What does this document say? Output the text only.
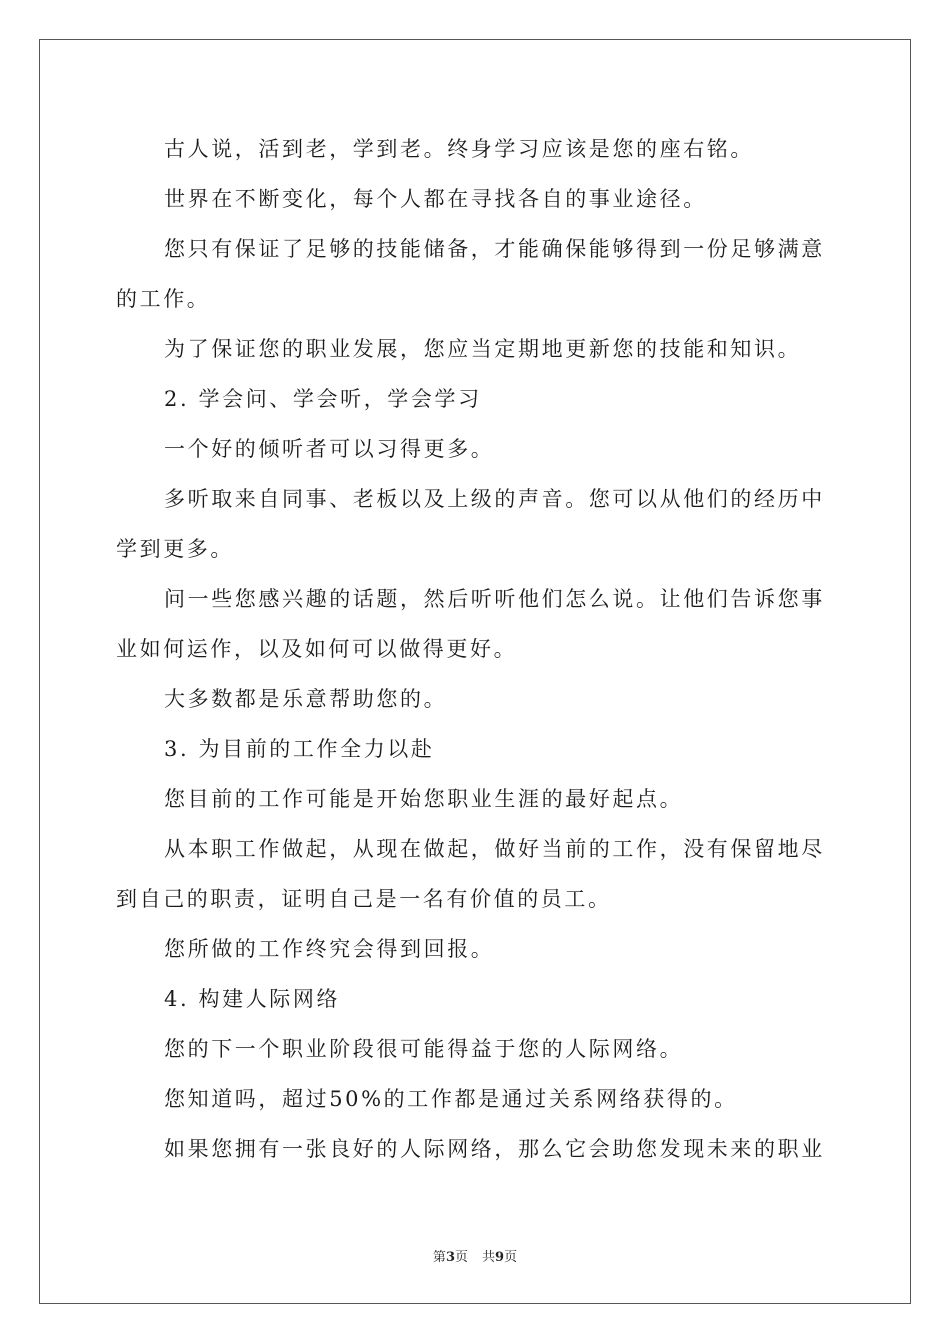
古人说，活到老，学到老。终身学习应该是您的座右铭。

世界在不断变化，每个人都在寻找各自的事业途径。

您只有保证了足够的技能储备，才能确保能够得到一份足够满意的工作。

为了保证您的职业发展，您应当定期地更新您的技能和知识。

2. 学会问、学会听，学会学习

一个好的倾听者可以习得更多。

多听取来自同事、老板以及上级的声音。您可以从他们的经历中学到更多。

问一些您感兴趣的话题，然后听听他们怎么说。让他们告诉您事业如何运作，以及如何可以做得更好。

大多数都是乐意帮助您的。

3. 为目前的工作全力以赴

您目前的工作可能是开始您职业生涯的最好起点。

从本职工作做起，从现在做起，做好当前的工作，没有保留地尽到自己的职责，证明自己是一名有价值的员工。

您所做的工作终究会得到回报。

4. 构建人际网络

您的下一个职业阶段很可能得益于您的人际网络。

您知道吗，超过50%的工作都是通过关系网络获得的。

如果您拥有一张良好的人际网络，那么它会助您发现未来的职业

第3页 共9页
